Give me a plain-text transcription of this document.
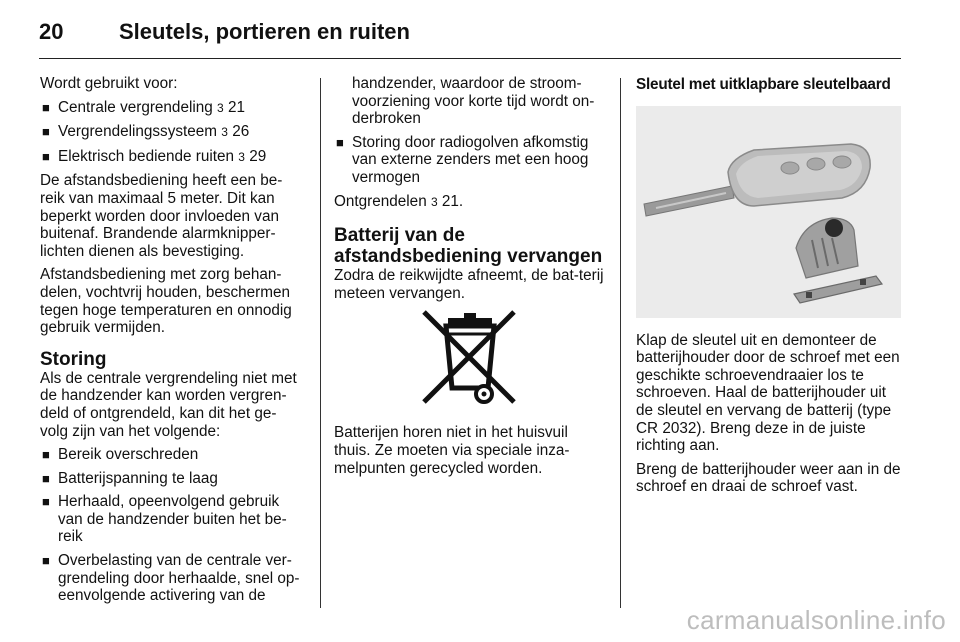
20	Sleutels, portieren en ruiten

Wordt gebruikt voor:

■ Centrale vergrendeling 3 21
■ Vergrendelingssysteem 3 26
■ Elektrisch bediende ruiten 3 29

De afstandsbediening heeft een be-reik van maximaal 5 meter. Dit kan beperkt worden door invloeden van buitenaf. Brandende alarmknipper-lichten dienen als bevestiging.

Afstandsbediening met zorg behan-delen, vochtvrij houden, beschermen tegen hoge temperaturen en onnodig gebruik vermijden.

Storing

Als de centrale vergrendeling niet met de handzender kan worden vergren-deld of ontgrendeld, kan dit het ge-volg zijn van het volgende:

■ Bereik overschreden
■ Batterijspanning te laag
■ Herhaald, opeenvolgend gebruik van de handzender buiten het be-reik
■ Overbelasting van de centrale ver-grendeling door herhaalde, snel op-eenvolgende activering van de
handzender, waardoor de stroom-voorziening voor korte tijd wordt on-derbroken
■ Storing door radiogolven afkomstig van externe zenders met een hoog vermogen

Ontgrendelen 3 21.

Batterij van de afstandsbediening vervangen

Zodra de reikwijdte afneemt, de bat-terij meteen vervangen.

Batterijen horen niet in het huisvuil thuis. Ze moeten via speciale inza-melpunten gerecycled worden.

Sleutel met uitklapbare sleutelbaard

Klap de sleutel uit en demonteer de batterijhouder door de schroef met een geschikte schroevendraaier los te schroeven. Haal de batterijhouder uit de sleutel en vervang de batterij (type CR 2032). Breng deze in de juiste richting aan.

Breng de batterijhouder weer aan in de schroef en draai de schroef vast.

carmanualsonline.info
